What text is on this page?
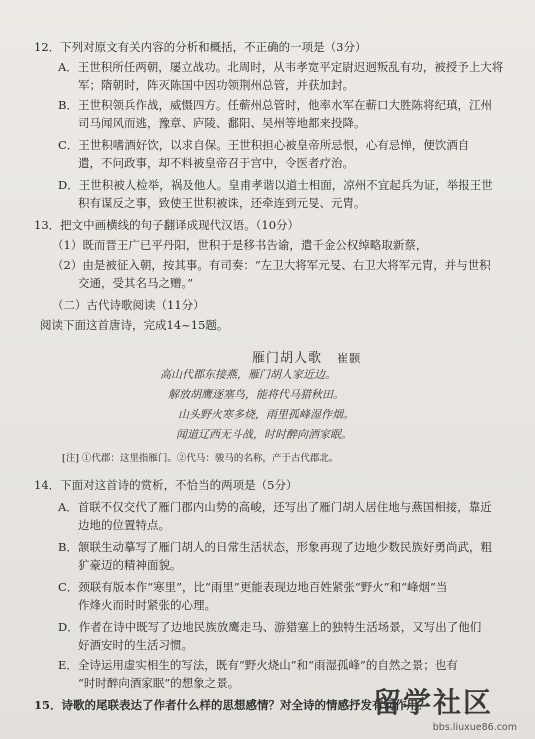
12．下列对原文有关内容的分析和概括，不正确的一项是（3分）
A．王世积所任两朝，屡立战功。北周时，从韦孝宽平定尉迟迥叛乱有功，被授予上大将
军；隋朝时，阵灭陈国中因功领荆州总管，并获加封。
B．王世积领兵作战，威慑四方。任蕲州总管时，他率水军在蕲口大胜陈将纪瑱，江州
司马闻风而逃，豫章、庐陵、鄱阳、吴州等地都来投降。
C．王世积嗜酒好饮，以求自保。王世积担心被皇帝所忌恨，心有忌惮，便饮酒自
遣，不问政事，却不料被皇帝召于宫中，令医者疗治。
D．王世积被人检举，祸及他人。皇甫孝谐以道士相面，凉州不宜起兵为证，举报王世
积有谋反之事，致使王世积被诛，还牵连到元旻、元胄。
13．把文中画横线的句子翻译成现代汉语。（10分）
（1）既而晋王广已平丹阳，世积于是移书告谕，遣千金公权绰略取新蔡，
（2）由是被征入朝，按其事。有司奏：“左卫大将军元旻、右卫大将军元胄，并与世积
交通，受其名马之赠。”
（二）古代诗歌阅读（11分）
阅读下面这首唐诗，完成14~15题。
雁门胡人歌 崔颢
高山代郡东接燕，雁门胡人家近边。
解放胡鹰逐塞鸟，能将代马猎秋田。
山头野火寒多烧，雨里孤峰湿作烟。
闻道辽西无斗战，时时醉向酒家眠。
[注] ①代郡：这里指雁门。②代马：骏马的名称，产于古代郡北。
14．下面对这首诗的赏析，不恰当的两项是（5分）
A．首联不仅交代了雁门郡内山势的高峻，还写出了雁门胡人居住地与燕国相接，靠近
边地的位置特点。
B．颔联生动摹写了雁门胡人的日常生活状态，形象再现了边地少数民族好勇尚武，粗
犷豪迈的精神面貌。
C．颈联有版本作“寒里”，比“雨里”更能表现边地百姓紧张“野火”和“峰烟”当
作烽火而时时紧张的心理。
D．作者在诗中既写了边地民族放鹰走马、游猎塞上的独特生活场景，又写出了他们
好酒安时的生活习惯。
E．全诗运用虚实相生的写法，既有“野火烧山”和“雨湿孤峰”的自然之景；也有
“时时醉向酒家眠”的想象之景。
15．诗歌的尾联表达了作者什么样的思想感情？对全诗的情感抒发有何作用？
留学社区
bbs.liuxue86.com
